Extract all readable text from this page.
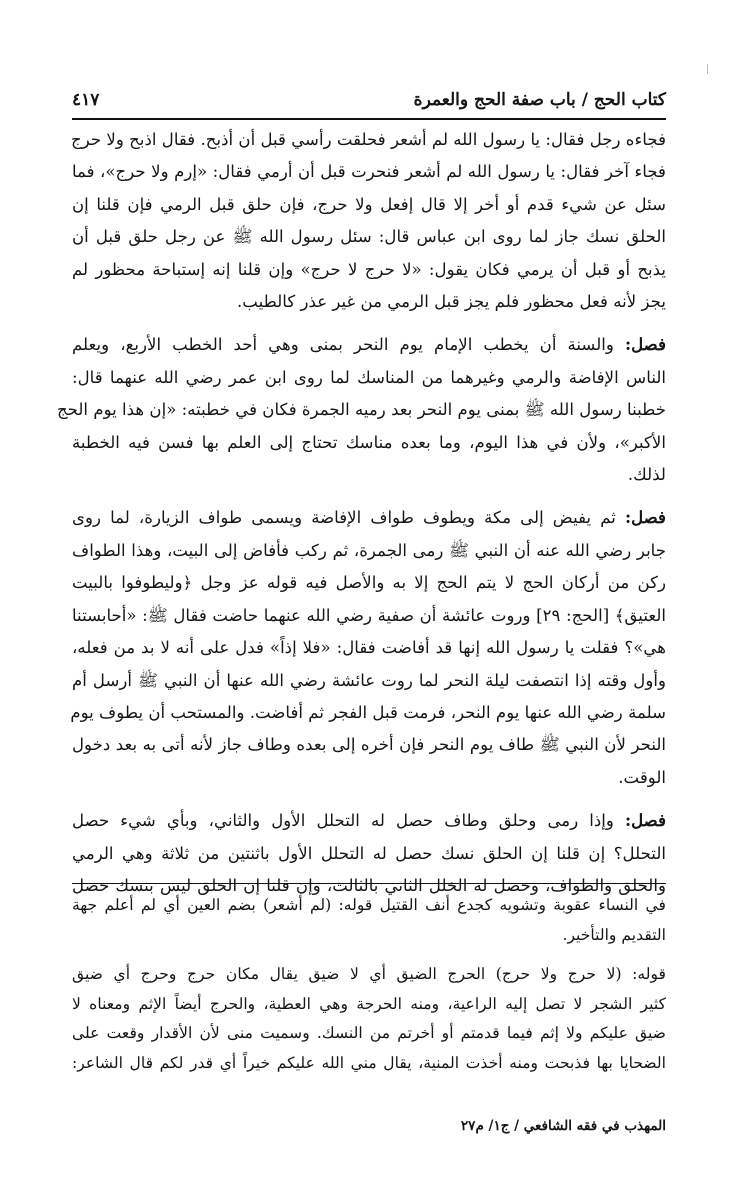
كتاب الحج / باب صفة الحج والعمرة
٤١٧
فجاءه رجل فقال: يا رسول الله لم أشعر فحلقت رأسي قبل أن أذبح. فقال اذبح ولا حرج
فجاء آخر فقال: يا رسول الله لم أشعر فنحرت قبل أن أرمي فقال: «إرم ولا حرج»، فما
سئل عن شيء قدم أو أخر إلا قال إفعل ولا حرج، فإن حلق قبل الرمي فإن قلنا إن
الحلق نسك جاز لما روى ابن عباس قال: سئل رسول الله ﷺ عن رجل حلق قبل أن
يذبح أو قبل أن يرمي فكان يقول: «لا حرج لا حرج» وإن قلنا إنه إستباحة محظور لم
يجز لأنه فعل محظور فلم يجز قبل الرمي من غير عذر كالطيب.
فصل: والسنة أن يخطب الإمام يوم النحر بمنى وهي أحد الخطب الأربع، ويعلم
الناس الإفاضة والرمي وغيرهما من المناسك لما روى ابن عمر رضي الله عنهما قال:
خطبنا رسول الله ﷺ بمنى يوم النحر بعد رميه الجمرة فكان في خطبته: «إن هذا يوم الحج
الأكبر»، ولأن في هذا اليوم، وما بعده مناسك تحتاج إلى العلم بها فسن فيه الخطبة
لذلك.
فصل: ثم يفيض إلى مكة ويطوف طواف الإفاضة ويسمى طواف الزيارة، لما روى
جابر رضي الله عنه أن النبي ﷺ رمى الجمرة، ثم ركب فأفاض إلى البيت، وهذا الطواف
ركن من أركان الحج لا يتم الحج إلا به والأصل فيه قوله عز وجل ﴿وليطوفوا بالبيت
العتيق﴾ [الحج: ٢٩] وروت عائشة أن صفية رضي الله عنهما حاضت فقال ﷺ: «أحابستنا
هي»؟ فقلت يا رسول الله إنها قد أفاضت فقال: «فلا إذاً» فدل على أنه لا بد من فعله،
وأول وقته إذا انتصفت ليلة النحر لما روت عائشة رضي الله عنها أن النبي ﷺ أرسل أم
سلمة رضي الله عنها يوم النحر، فرمت قبل الفجر ثم أفاضت. والمستحب أن يطوف يوم
النحر لأن النبي ﷺ طاف يوم النحر فإن أخره إلى بعده وطاف جاز لأنه أتى به بعد دخول
الوقت.
فصل: وإذا رمى وحلق وطاف حصل له التحلل الأول والثاني، وبأي شيء حصل
التحلل؟ إن قلنا إن الحلق نسك حصل له التحلل الأول باثنتين من ثلاثة وهي الرمي
والحلق والطواف، وحصل له الخلل الثاني بالثالث، وإن قلنا إن الحلق ليس بنسك حصل
في النساء عقوبة وتشويه كجدع أنف القتيل قوله: (لم أشعر) بضم العين أي لم أعلم جهة
التقديم والتأخير.
قوله: (لا حرج ولا حرج) الحرج الضيق أي لا ضيق يقال مكان حرج وحرج أي ضيق
كثير الشجر لا تصل إليه الراعية، ومنه الحرجة وهي العطية، والحرج أيضاً الإثم ومعناه لا
ضيق عليكم ولا إثم فيما قدمتم أو أخرتم من النسك. وسميت منى لأن الأقدار وقعت على
الضحايا بها فذبحت ومنه أخذت المنية، يقال مني الله عليكم خيراً أي قدر لكم قال الشاعر:
المهذب في فقه الشافعي / ج١/ م٢٧
